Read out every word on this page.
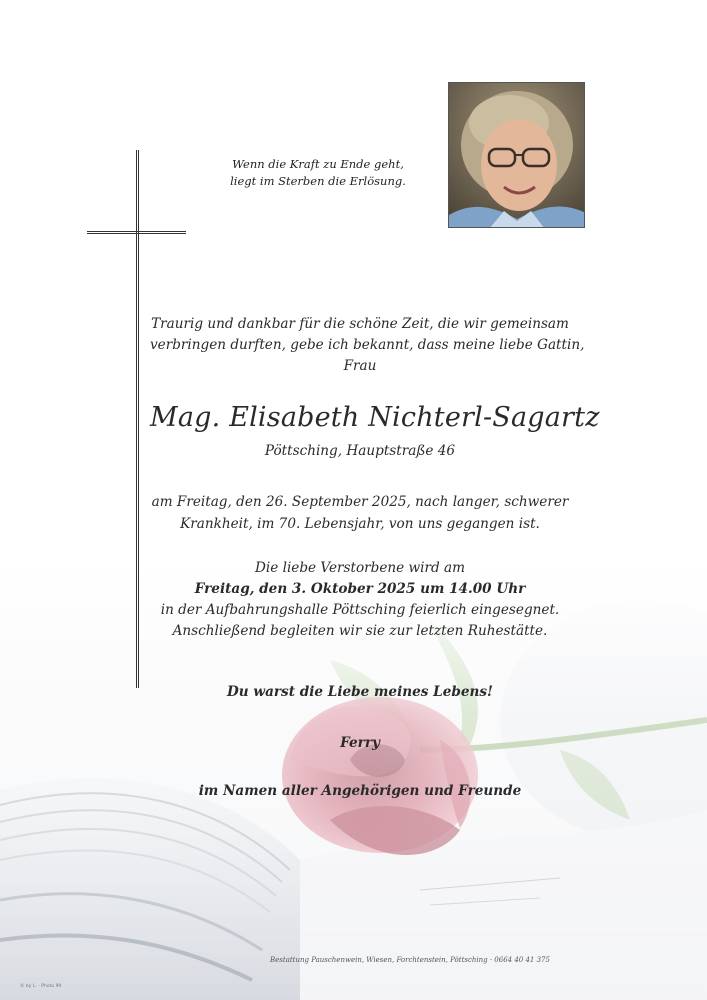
Wenn die Kraft zu Ende geht,
liegt im Sterben die Erlösung.
Traurig und dankbar für die schöne Zeit, die wir gemeinsam
verbringen durften, gebe ich bekannt, dass meine liebe Gattin,
Frau
Mag. Elisabeth Nichterl-Sagartz
Pöttsching, Hauptstraße 46
am Freitag, den 26. September 2025, nach langer, schwerer
Krankheit, im 70. Lebensjahr, von uns gegangen ist.
Die liebe Verstorbene wird am
Freitag, den 3. Oktober 2025 um 14.00 Uhr
in der Aufbahrungshalle Pöttsching feierlich eingesegnet.
Anschließend begleiten wir sie zur letzten Ruhestätte.
Du warst die Liebe meines Lebens!
Ferry
im Namen aller Angehörigen und Freunde
Bestattung Pauschenwein, Wiesen, Forchtenstein, Pöttsching · 0664 40 41 375
© by L. - Photo 99
